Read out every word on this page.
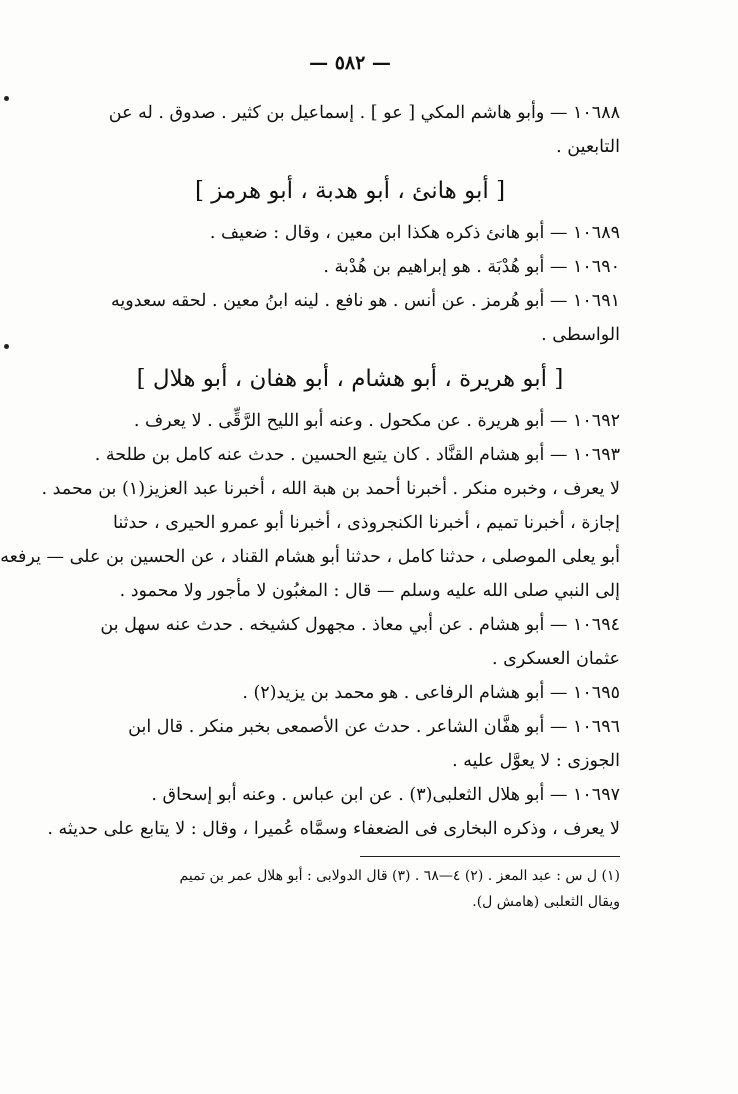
— ٥٨٢ —
١٠٦٨٨ — وأبو هاشم المكي [ عو ] . إسماعيل بن كثير . صدوق . له عن
التابعين .
[ أبو هانئ ، أبو هدبة ، أبو هرمز ]
١٠٦٨٩ — أبو هانئ ذكره هكذا ابن معين ، وقال : ضعيف .
١٠٦٩٠ — أبو هُدْبَة . هو إبراهيم بن هُدْبة .
١٠٦٩١ — أبو هُرمز . عن أنس . هو نافع . لينه ابنُ معين . لحقه سعدويه
الواسطى .
[ أبو هريرة ، أبو هشام ، أبو هفان ، أبو هلال ]
١٠٦٩٢ — أبو هريرة . عن مكحول . وعنه أبو الليح الرَّقِّى . لا يعرف .
١٠٦٩٣ — أبو هشام القنَّاد . كان يتبع الحسين . حدث عنه كامل بن طلحة .
لا يعرف ، وخبره منكر . أخبرنا أحمد بن هبة الله ، أخبرنا عبد العزيز(١) بن محمد .
إجازة ، أخبرنا تميم ، أخبرنا الكنجروذى ، أخبرنا أبو عمرو الحيرى ، حدثنا
أبو يعلى الموصلى ، حدثنا كامل ، حدثنا أبو هشام القناد ، عن الحسين بن على — يرفعه
إلى النبي صلى الله عليه وسلم — قال : المغبُون لا مأجور ولا محمود .
١٠٦٩٤ — أبو هشام . عن أبي معاذ . مجهول كشيخه . حدث عنه سهل بن
عثمان العسكرى .
١٠٦٩٥ — أبو هشام الرفاعى . هو محمد بن يزيد(٢) .
١٠٦٩٦ — أبو هفَّان الشاعر . حدث عن الأصمعى بخبر منكر . قال ابن
الجوزى : لا يعوَّل عليه .
١٠٦٩٧ — أبو هلال الثعلبى(٣) . عن ابن عباس . وعنه أبو إسحاق .
لا يعرف ، وذكره البخارى فى الضعفاء وسمَّاه عُميرا ، وقال : لا يتابع على حديثه .
(١) ل س : عبد المعز . (٢) ٤—٦٨ . (٣) قال الدولابى : أبو هلال عمر بن تميم
ويقال الثعلبى (هامش ل).
